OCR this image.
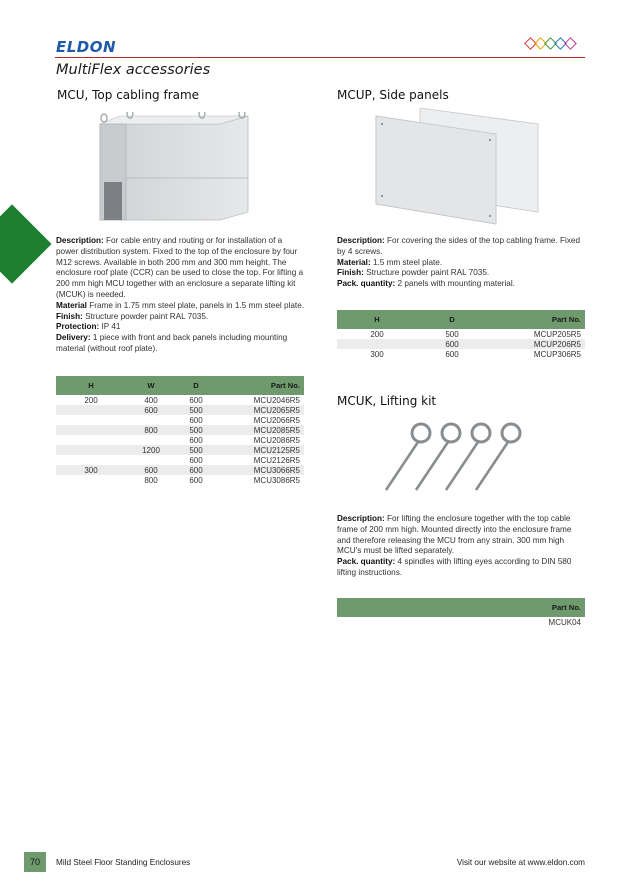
ELDON
MultiFlex accessories
MCU, Top cabling frame

Description: For cable entry and routing or for installation of a power distribution system. Fixed to the top of the enclosure by four M12 screws. Available in both 200 mm and 300 mm height. The enclosure roof plate (CCR) can be used to close the top. For lifting a 200 mm high MCU together with an enclosure a separate lifting kit (MCUK) is needed.

Material Frame in 1.75 mm steel plate, panels in 1.5 mm steel plate.

Finish: Structure powder paint RAL 7035.

Protection: IP 41

Delivery: 1 piece with front and back panels including mounting material (without roof plate).

H	W	D	Part No.
200	400	600	MCU2046R5
	600	500	MCU2065R5
		600	MCU2066R5
	800	500	MCU2085R5
		600	MCU2086R5
	1200	500	MCU2125R5
		600	MCU2126R5
300	600	600	MCU3066R5
	800	600	MCU3086R5
MCUP, Side panels

Description: For covering the sides of the top cabling frame. Fixed by 4 screws.

Material: 1.5 mm steel plate.

Finish: Structure powder paint RAL 7035.

Pack. quantity: 2 panels with mounting material.

H	D	Part No.
200	500	MCUP205R5
	600	MCUP206R5
300	600	MCUP306R5
MCUK, Lifting kit

Description: For lifting the enclosure together with the top cable frame of 200 mm high. Mounted directly into the enclosure frame and therefore releasing the MCU from any strain. 300 mm high MCU's must be lifted separately.

Pack. quantity: 4 spindles with lifting eyes according to DIN 580 lifting instructions.

Part No.
MCUK04
70	Mild Steel Floor Standing Enclosures	Visit our website at www.eldon.com
